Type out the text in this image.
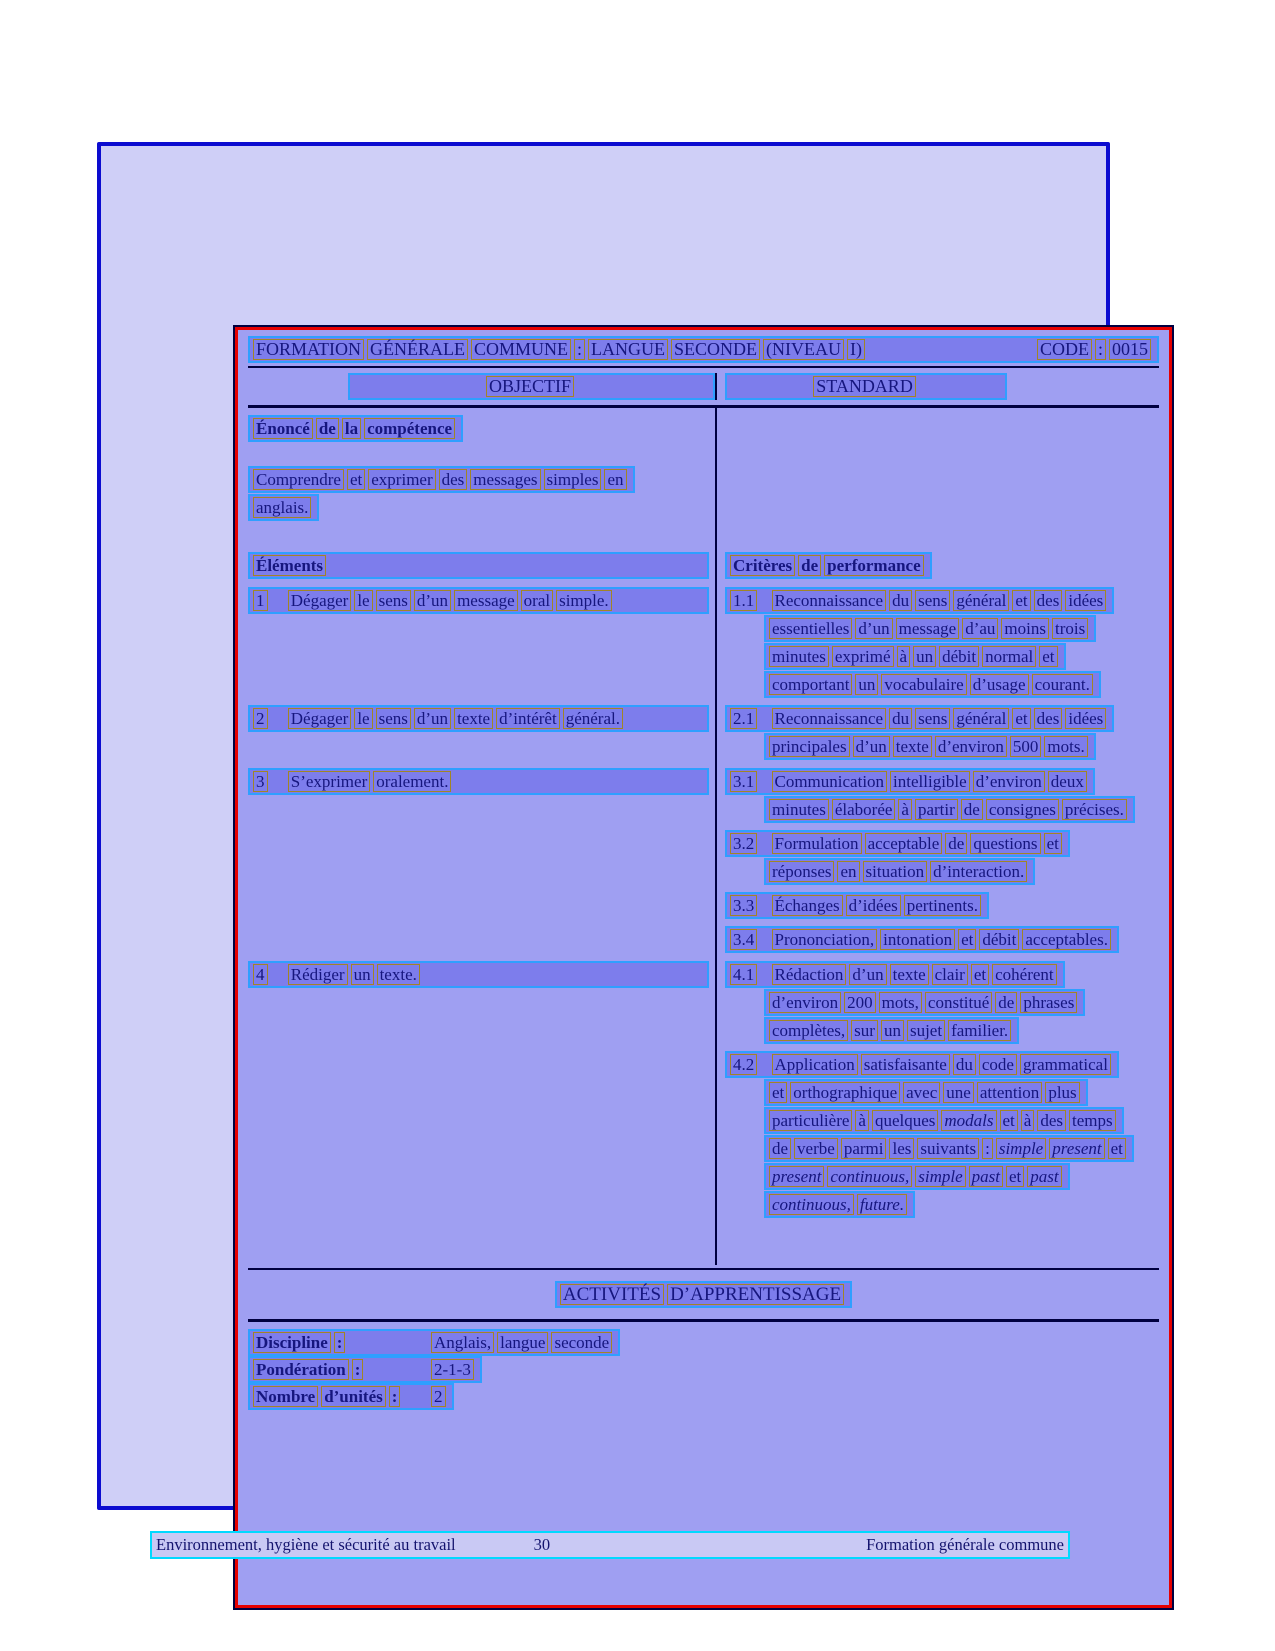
FORMATION GÉNÉRALE COMMUNE : LANGUE SECONDE (NIVEAU I)	CODE : 0015
OBJECTIF	STANDARD
Énoncé de la compétence
Comprendre et exprimer des messages simples en
anglais.
Éléments	Critères de performance
1 Dégager le sens d’un message oral simple.	1.1 Reconnaissance du sens général et des idées
essentielles d’un message d’au moins trois
minutes exprimé à un débit normal et
comportant un vocabulaire d’usage courant.
2 Dégager le sens d’un texte d’intérêt général.	2.1 Reconnaissance du sens général et des idées
principales d’un texte d’environ 500 mots.
3 S’exprimer oralement.	3.1 Communication intelligible d’environ deux
minutes élaborée à partir de consignes précises.
3.2 Formulation acceptable de questions et
réponses en situation d’interaction.
3.3 Échanges d’idées pertinents.
3.4 Prononciation, intonation et débit acceptables.
4 Rédiger un texte.	4.1 Rédaction d’un texte clair et cohérent
d’environ 200 mots, constitué de phrases
complètes, sur un sujet familier.
4.2 Application satisfaisante du code grammatical
et orthographique avec une attention plus
particulière à quelques modals et à des temps
de verbe parmi les suivants : simple present et
present continuous, simple past et past
continuous, future.
ACTIVITÉS D’APPRENTISSAGE
Discipline :	Anglais, langue seconde
Pondération :	2-1-3
Nombre d’unités :	2
Environnement, hygiène et sécurité au travail	30	Formation générale commune
